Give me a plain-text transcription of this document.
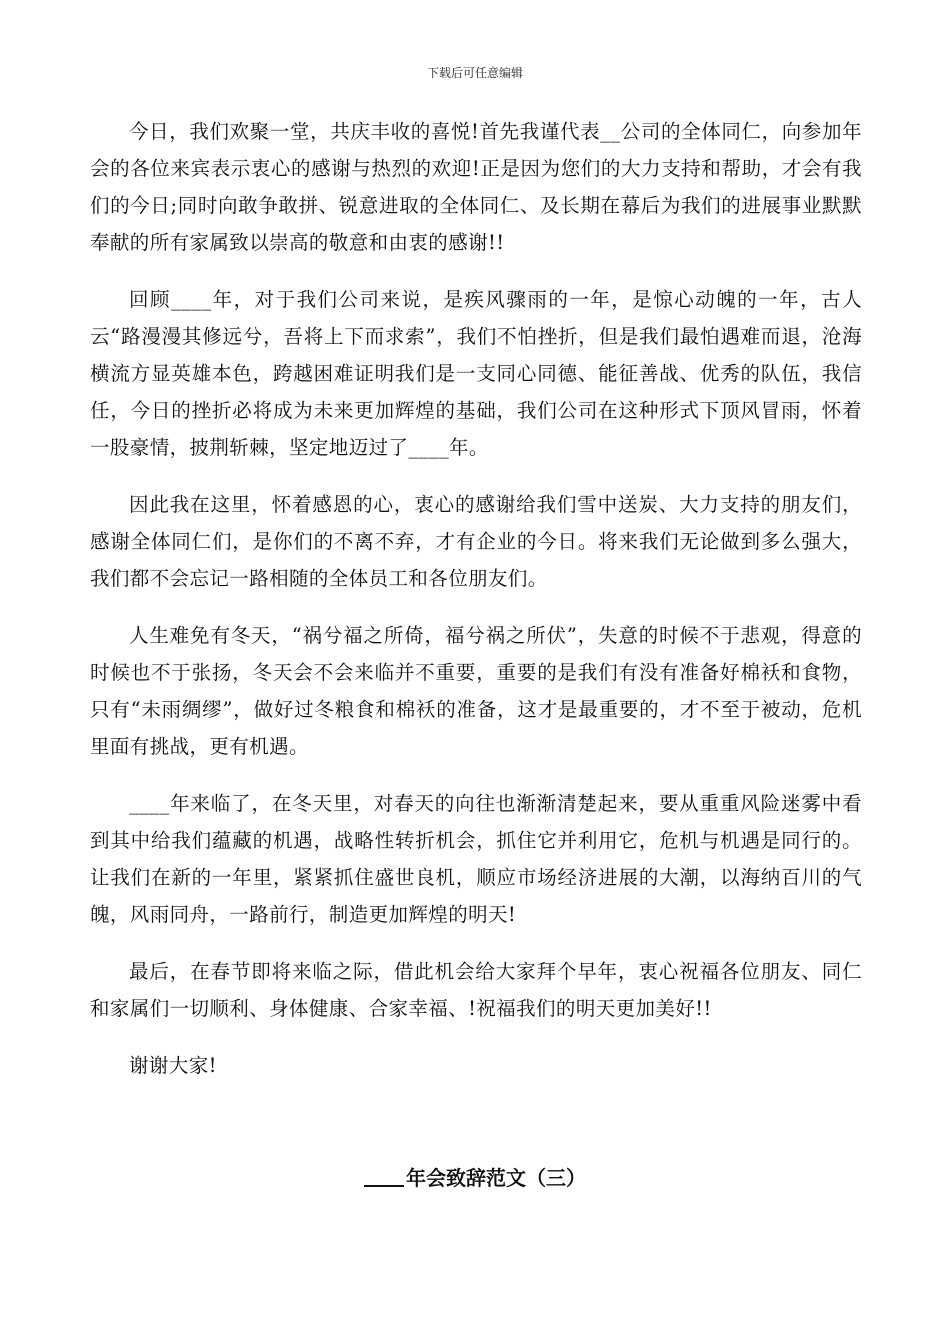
下载后可任意编辑

今日，我们欢聚一堂，共庆丰收的喜悦!首先我谨代表__公司的全体同仁，向参加年会的各位来宾表示衷心的感谢与热烈的欢迎!正是因为您们的大力支持和帮助，才会有我们的今日;同时向敢争敢拼、锐意进取的全体同仁、及长期在幕后为我们的进展事业默默奉献的所有家属致以崇高的敬意和由衷的感谢!!

回顾____年，对于我们公司来说，是疾风骤雨的一年，是惊心动魄的一年，古人云“路漫漫其修远兮，吾将上下而求索”，我们不怕挫折，但是我们最怕遇难而退，沧海横流方显英雄本色，跨越困难证明我们是一支同心同德、能征善战、优秀的队伍，我信任，今日的挫折必将成为未来更加辉煌的基础，我们公司在这种形式下顶风冒雨，怀着一股豪情，披荆斩棘，坚定地迈过了____年。

因此我在这里，怀着感恩的心，衷心的感谢给我们雪中送炭、大力支持的朋友们，感谢全体同仁们，是你们的不离不弃，才有企业的今日。将来我们无论做到多么强大，我们都不会忘记一路相随的全体员工和各位朋友们。

人生难免有冬天，“祸兮福之所倚，福兮祸之所伏”，失意的时候不于悲观，得意的时候也不于张扬，冬天会不会来临并不重要，重要的是我们有没有准备好棉袄和食物，只有“未雨绸缪”，做好过冬粮食和棉袄的准备，这才是最重要的，才不至于被动，危机里面有挑战，更有机遇。

____年来临了，在冬天里，对春天的向往也渐渐清楚起来，要从重重风险迷雾中看到其中给我们蕴藏的机遇，战略性转折机会，抓住它并利用它，危机与机遇是同行的。让我们在新的一年里，紧紧抓住盛世良机，顺应市场经济进展的大潮，以海纳百川的气魄，风雨同舟，一路前行，制造更加辉煌的明天!

最后，在春节即将来临之际，借此机会给大家拜个早年，衷心祝福各位朋友、同仁和家属们一切顺利、身体健康、合家幸福、!祝福我们的明天更加美好!!

谢谢大家!

年会致辞范文（三）
